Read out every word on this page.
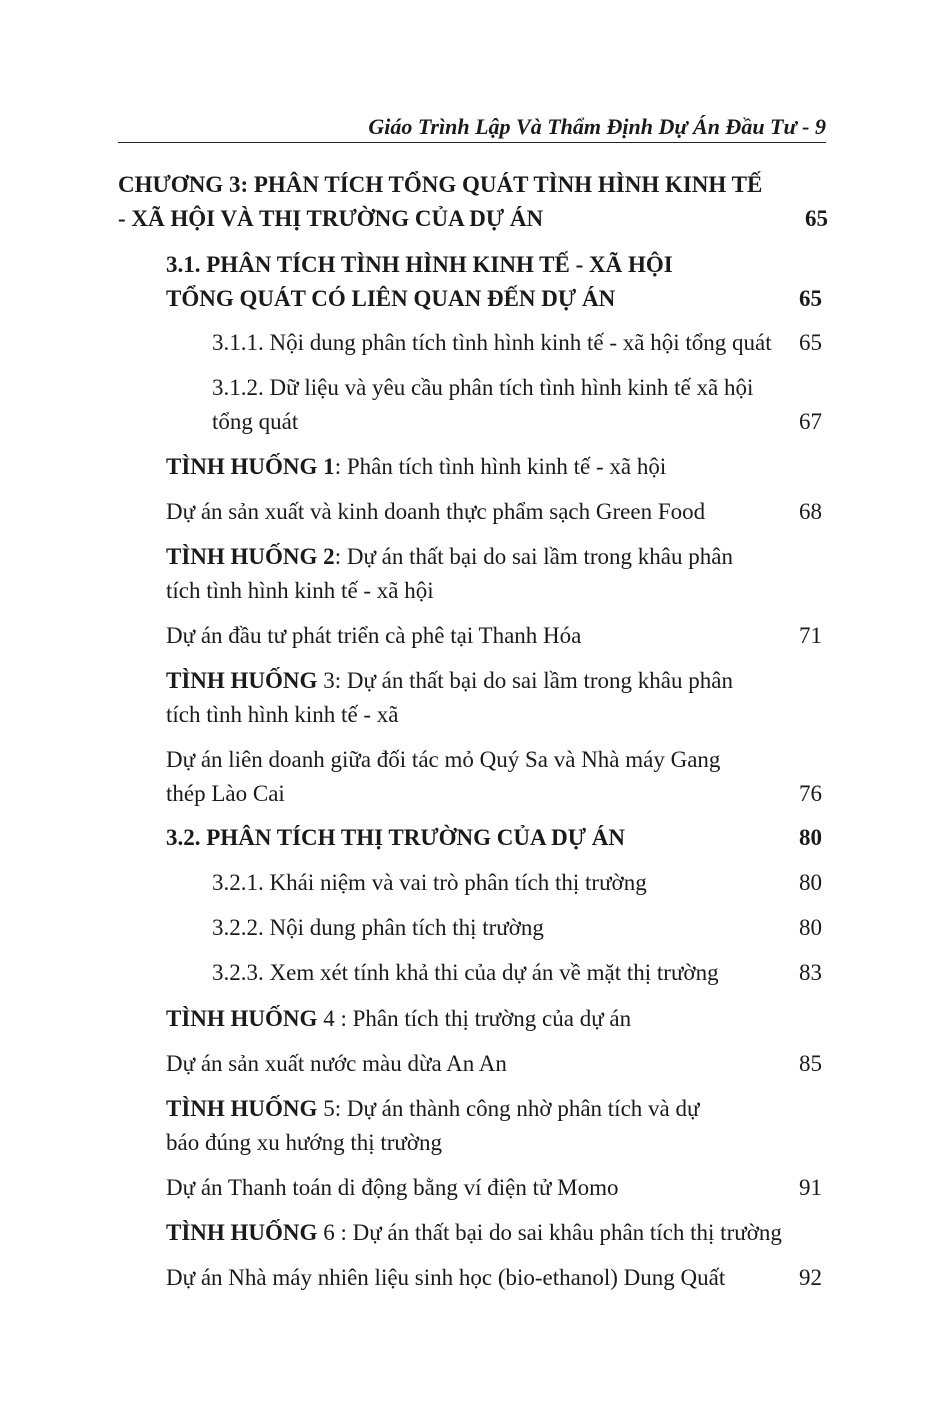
Giáo Trình Lập Và Thẩm Định Dự Án Đầu Tư - 9
CHƯƠNG 3: PHÂN TÍCH TỔNG QUÁT TÌNH HÌNH KINH TẾ
- XÃ HỘI VÀ THỊ TRƯỜNG CỦA DỰ ÁN	65
3.1. PHÂN TÍCH TÌNH HÌNH KINH TẾ - XÃ HỘI
TỔNG QUÁT CÓ LIÊN QUAN ĐẾN DỰ ÁN	65
3.1.1. Nội dung phân tích tình hình kinh tế - xã hội tổng quát 65
3.1.2. Dữ liệu và yêu cầu phân tích tình hình kinh tế xã hội
tổng quát	67
TÌNH HUỐNG 1: Phân tích tình hình kinh tế - xã hội
Dự án sản xuất và kinh doanh thực phẩm sạch Green Food	68
TÌNH HUỐNG 2: Dự án thất bại do sai lầm trong khâu phân
tích tình hình kinh tế - xã hội
Dự án đầu tư phát triển cà phê tại Thanh Hóa	71
TÌNH HUỐNG 3: Dự án thất bại do sai lầm trong khâu phân
tích tình hình kinh tế - xã
Dự án liên doanh giữa đối tác mỏ Quý Sa và Nhà máy Gang
thép Lào Cai	76
3.2. PHÂN TÍCH THỊ TRƯỜNG CỦA DỰ ÁN	80
3.2.1. Khái niệm và vai trò phân tích thị trường	80
3.2.2. Nội dung phân tích thị trường	80
3.2.3. Xem xét tính khả thi của dự án về mặt thị trường	83
TÌNH HUỐNG 4 : Phân tích thị trường của dự án
Dự án sản xuất nước màu dừa An An	85
TÌNH HUỐNG 5: Dự án thành công nhờ phân tích và dự
báo đúng xu hướng thị trường
Dự án Thanh toán di động bằng ví điện tử Momo	91
TÌNH HUỐNG 6 : Dự án thất bại do sai khâu phân tích thị trường
Dự án Nhà máy nhiên liệu sinh học (bio-ethanol) Dung Quất	92
